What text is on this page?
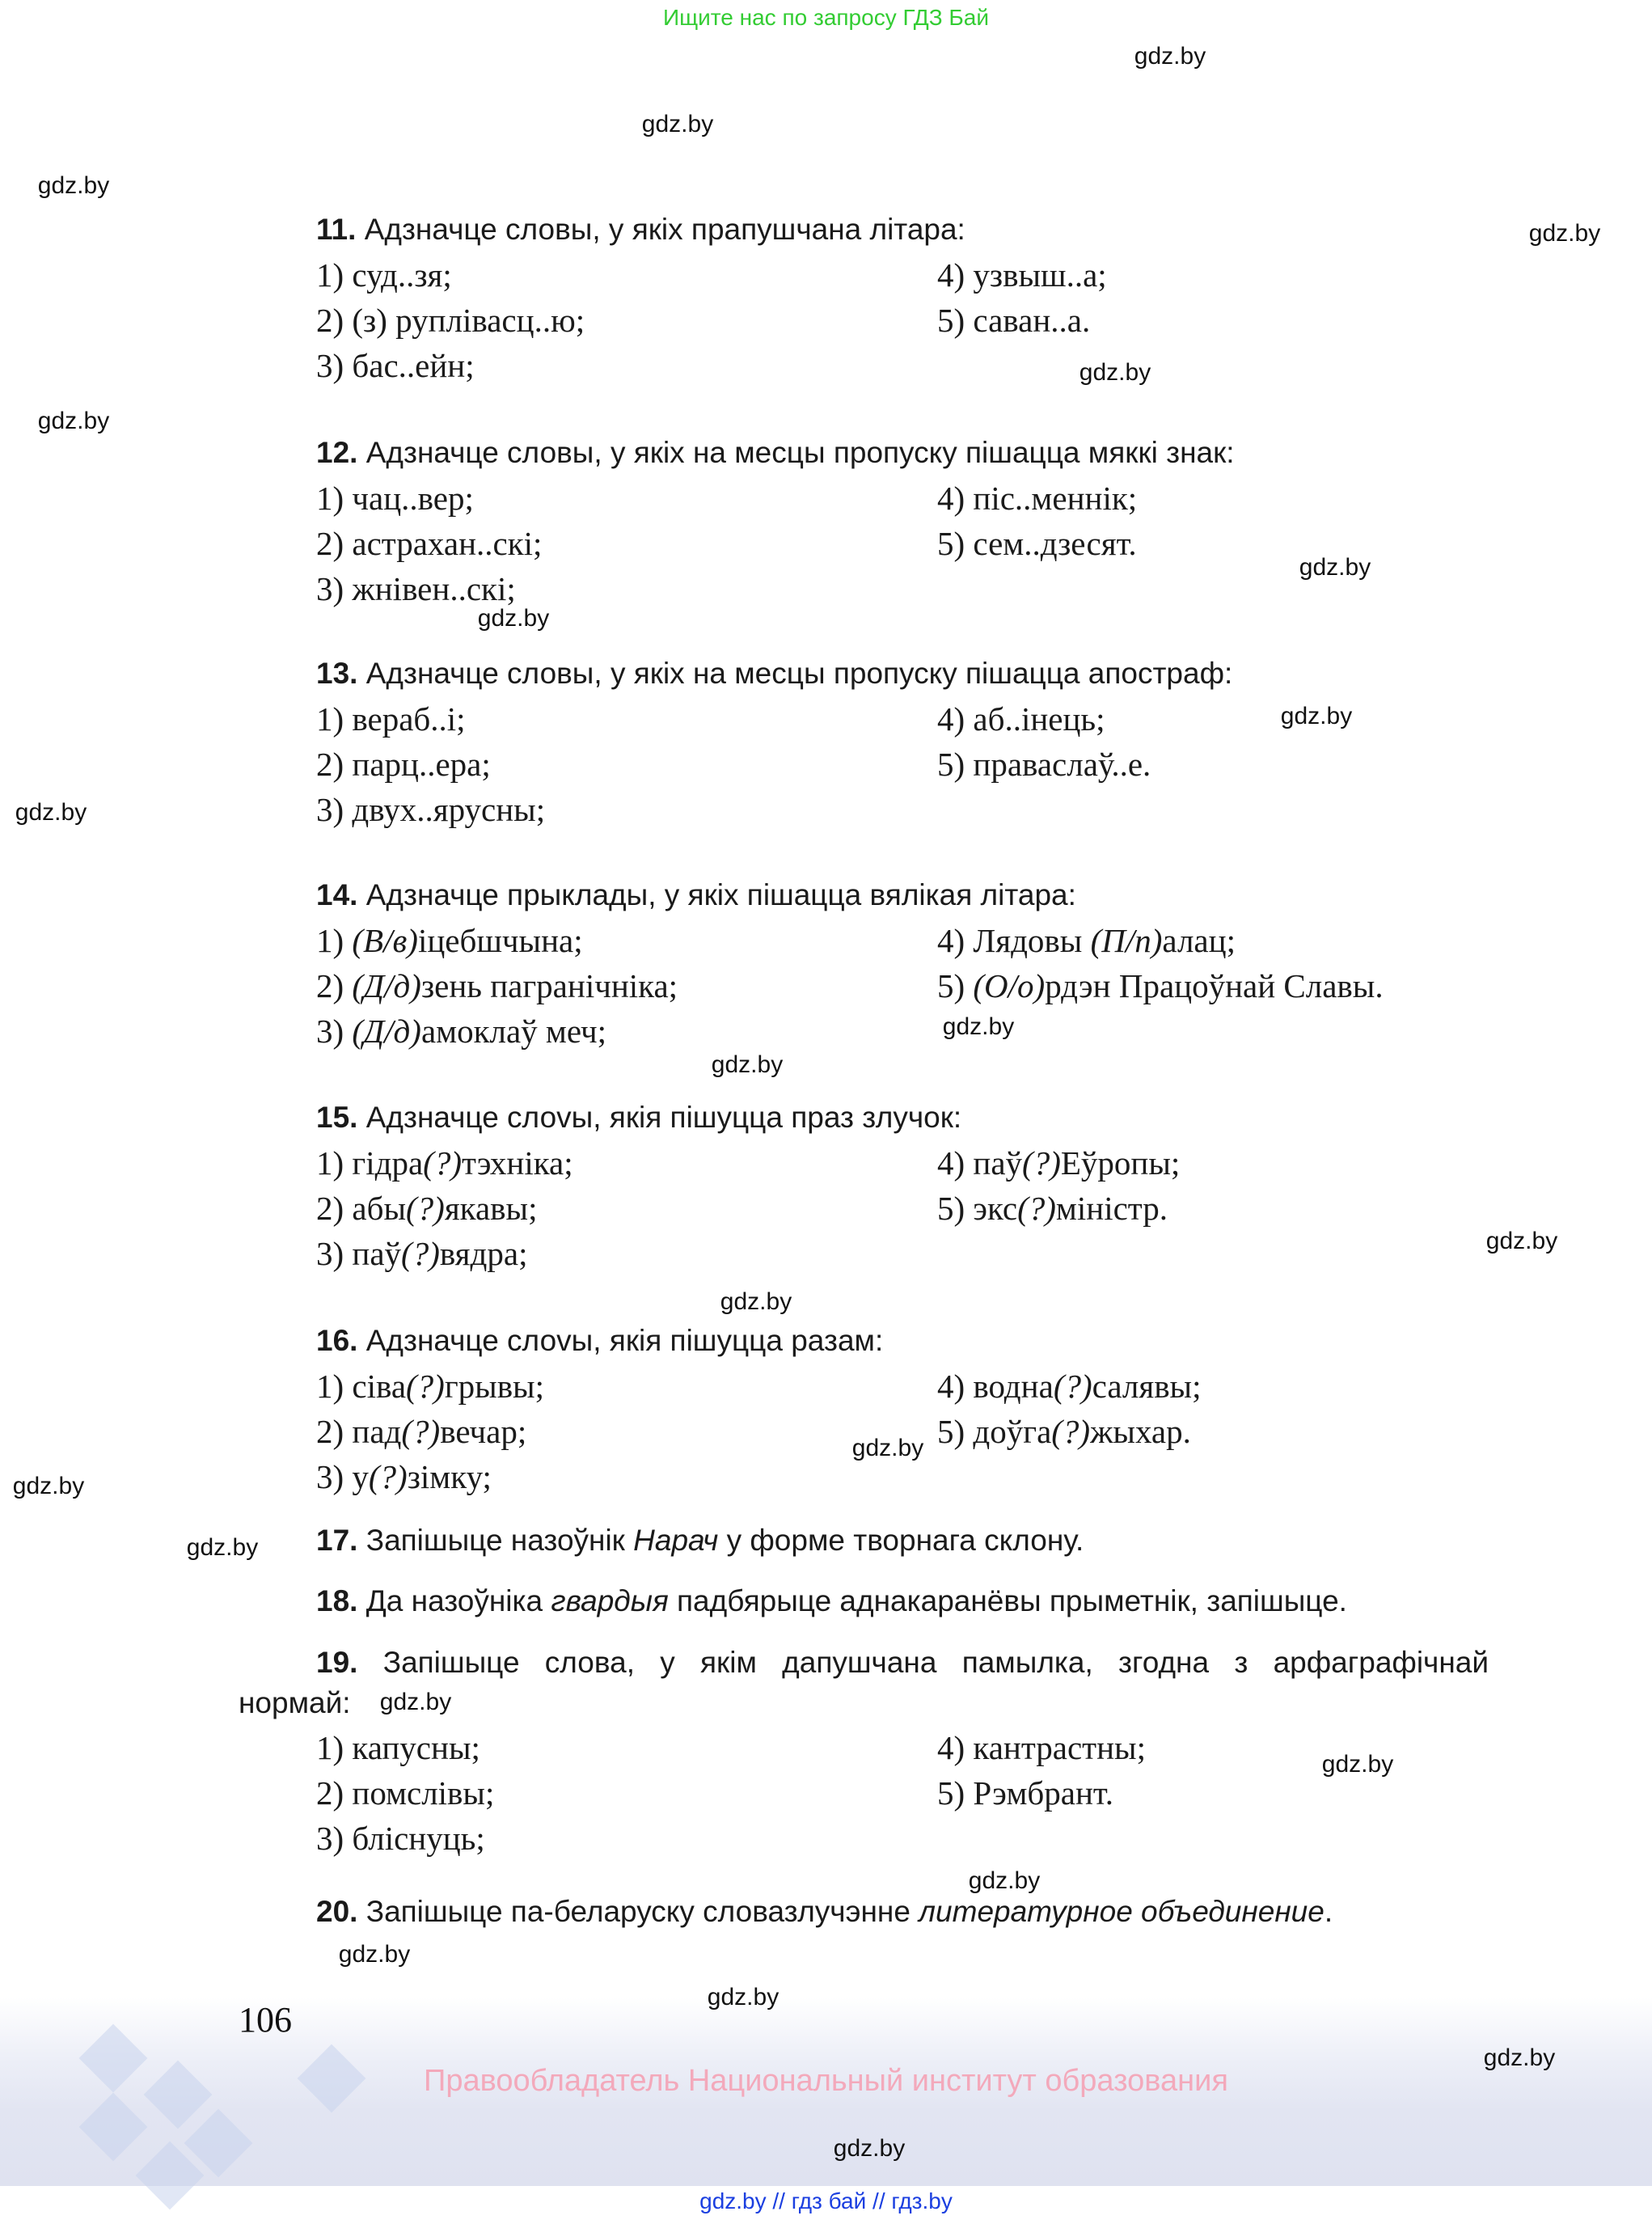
Ищите нас по запросу ГДЗ Бай
11. Адзначце словы, у якіх прапушчана літара:
1) суд..зя;
2) (з) руплівасц..ю;
3) бас..ейн;
4) узвыш..а;
5) саван..а.
12. Адзначце словы, у якіх на месцы пропуску пішацца мяккі знак:
1) чац..вер;
2) астрахан..скі;
3) жнівен..скі;
4) піс..меннік;
5) сем..дзесят.
13. Адзначце словы, у якіх на месцы пропуску пішацца апостраф:
1) вераб..і;
2) парц..ера;
3) двух..ярусны;
4) аб..інець;
5) праваслаў..е.
14. Адзначце прыклады, у якіх пішацца вялікая літара:
1) (В/в)іцебшчына;
2) (Д/д)зень пагранічніка;
3) (Д/д)амоклаў меч;
4) Лядовы (П/п)алац;
5) (О/о)рдэн Працоўнай Славы.
15. Адзначце слоvы, якія пішуцца праз злучок:
1) гідра(?)тэхніка;
2) абы(?)якавы;
3) паў(?)вядра;
4) паў(?)Еўропы;
5) экс(?)міністр.
16. Адзначце слоvы, якія пішуцца разам:
1) сіва(?)грывы;
2) пад(?)вечар;
3) у(?)зімку;
4) водна(?)салявы;
5) доўга(?)жыхар.
17. Запішыце назоўнік Нарач у форме творнага склону.
18. Да назоўніка гвардыя падбярыце аднакаранёвы прыметнік, запішыце.
20. Запішыце па-беларуску словазлучэнне литературное объединение.
19. Запішыце слова, у якім дапушчана памылка, згодна з арфаграфічнай
нормай:
1) капусны;
2) помслівы;
3) бліснуць;
4) кантрастны;
5) Рэмбрант.
gdz.by
gdz.by
gdz.by
gdz.by
gdz.by
gdz.by
gdz.by
gdz.by
gdz.by
gdz.by
gdz.by
gdz.by
gdz.by
gdz.by
gdz.by
gdz.by
gdz.by
gdz.by
gdz.by
gdz.by
gdz.by
gdz.by
gdz.by
gdz.by
106
Правообладатель Национальный институт образования
gdz.by // гдз бай // гдз.by
